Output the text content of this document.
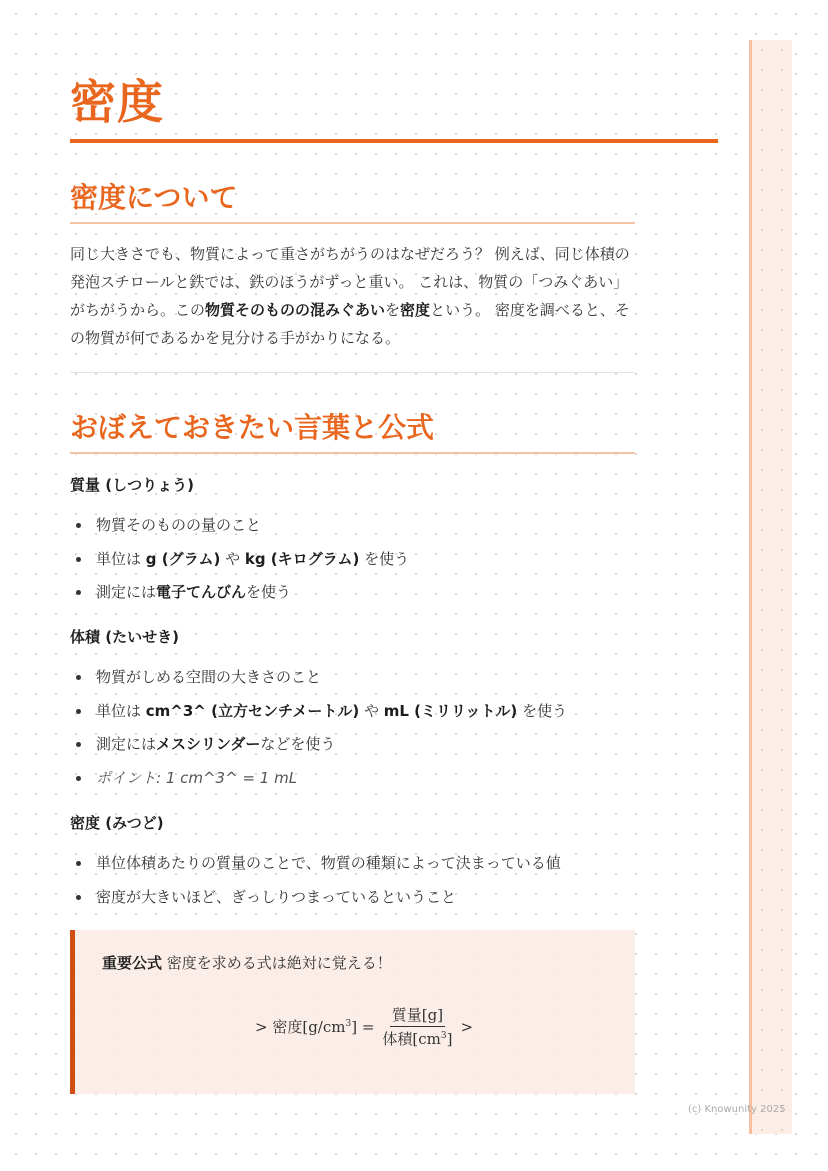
密度
密度について

同じ大きさでも、物質によって重さがちがうのはなぜだろう？ 例えば、同じ体積の発泡スチロールと鉄では、鉄のほうがずっと重い。 これは、物質の「つみぐあい」がちがうから。この物質そのものの混みぐあいを密度という。 密度を調べると、その物質が何であるかを見分ける手がかりになる。

おぼえておきたい言葉と公式
質量 (しつりょう)
物質そのものの量のこと
単位は g (グラム) や kg (キログラム) を使う
測定には電子てんびんを使う
体積 (たいせき)
物質がしめる空間の大きさのこと
単位は cm^3^ (立方センチメートル) や mL (ミリリットル) を使う
測定にはメスシリンダーなどを使う
ポイント: 1 cm^3^ = 1 mL
密度 (みつど)
単位体積あたりの質量のことで、物質の種類によって決まっている値
密度が大きいほど、ぎっしりつまっているということ
重要公式 密度を求める式は絶対に覚える！
> 密度$[g/cm^3] = \frac{\text{質量[g]}}{体積[cm^3]}$ >
(c) Knowunity 2025
